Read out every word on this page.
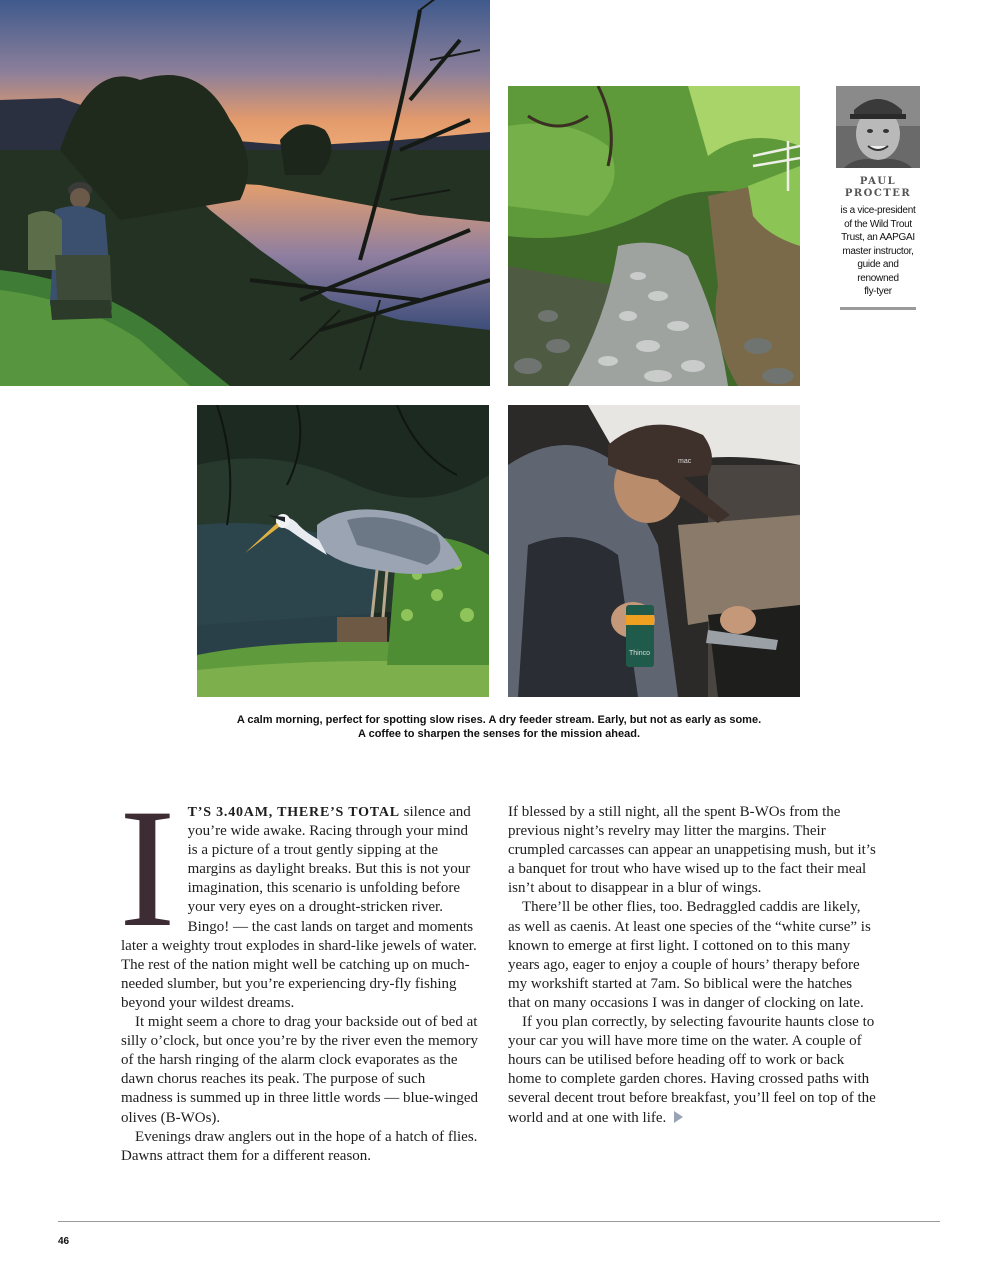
PAUL
PROCTER
is a vice-president
of the Wild Trout
Trust, an AAPGAI
master instructor,
guide and
renowned
fly-tyer
mac
Thinco
A calm morning, perfect for spotting slow rises. A dry feeder stream. Early, but not as early as some.
A coffee to sharpen the senses for the mission ahead.

I T’S 3.40AM, THERE’S TOTAL silence and you’re wide awake. Racing through your mind is a picture of a trout gently sipping at the margins as daylight breaks. But this is not your imagination, this scenario is unfolding before your very eyes on a drought-stricken river. Bingo! — the cast lands on target and moments later a weighty trout explodes in shard-like jewels of water. The rest of the nation might well be catching up on much-needed slumber, but you’re experiencing dry-fly fishing beyond your wildest dreams.

It might seem a chore to drag your backside out of bed at silly o’clock, but once you’re by the river even the memory of the harsh ringing of the alarm clock evaporates as the dawn chorus reaches its peak. The purpose of such madness is summed up in three little words — blue-winged olives (B-WOs).

Evenings draw anglers out in the hope of a hatch of flies. Dawns attract them for a different reason.

If blessed by a still night, all the spent B-WOs from the previous night’s revelry may litter the margins. Their crumpled carcasses can appear an unappetising mush, but it’s a banquet for trout who have wised up to the fact their meal isn’t about to disappear in a blur of wings.

There’ll be other flies, too. Bedraggled caddis are likely, as well as caenis. At least one species of the “white curse” is known to emerge at first light. I cottoned on to this many years ago, eager to enjoy a couple of hours’ therapy before my workshift started at 7am. So biblical were the hatches that on many occasions I was in danger of clocking on late.

If you plan correctly, by selecting favourite haunts close to your car you will have more time on the water. A couple of hours can be utilised before heading off to work or back home to complete garden chores. Having crossed paths with several decent trout before breakfast, you’ll feel on top of the world and at one with life.

46
